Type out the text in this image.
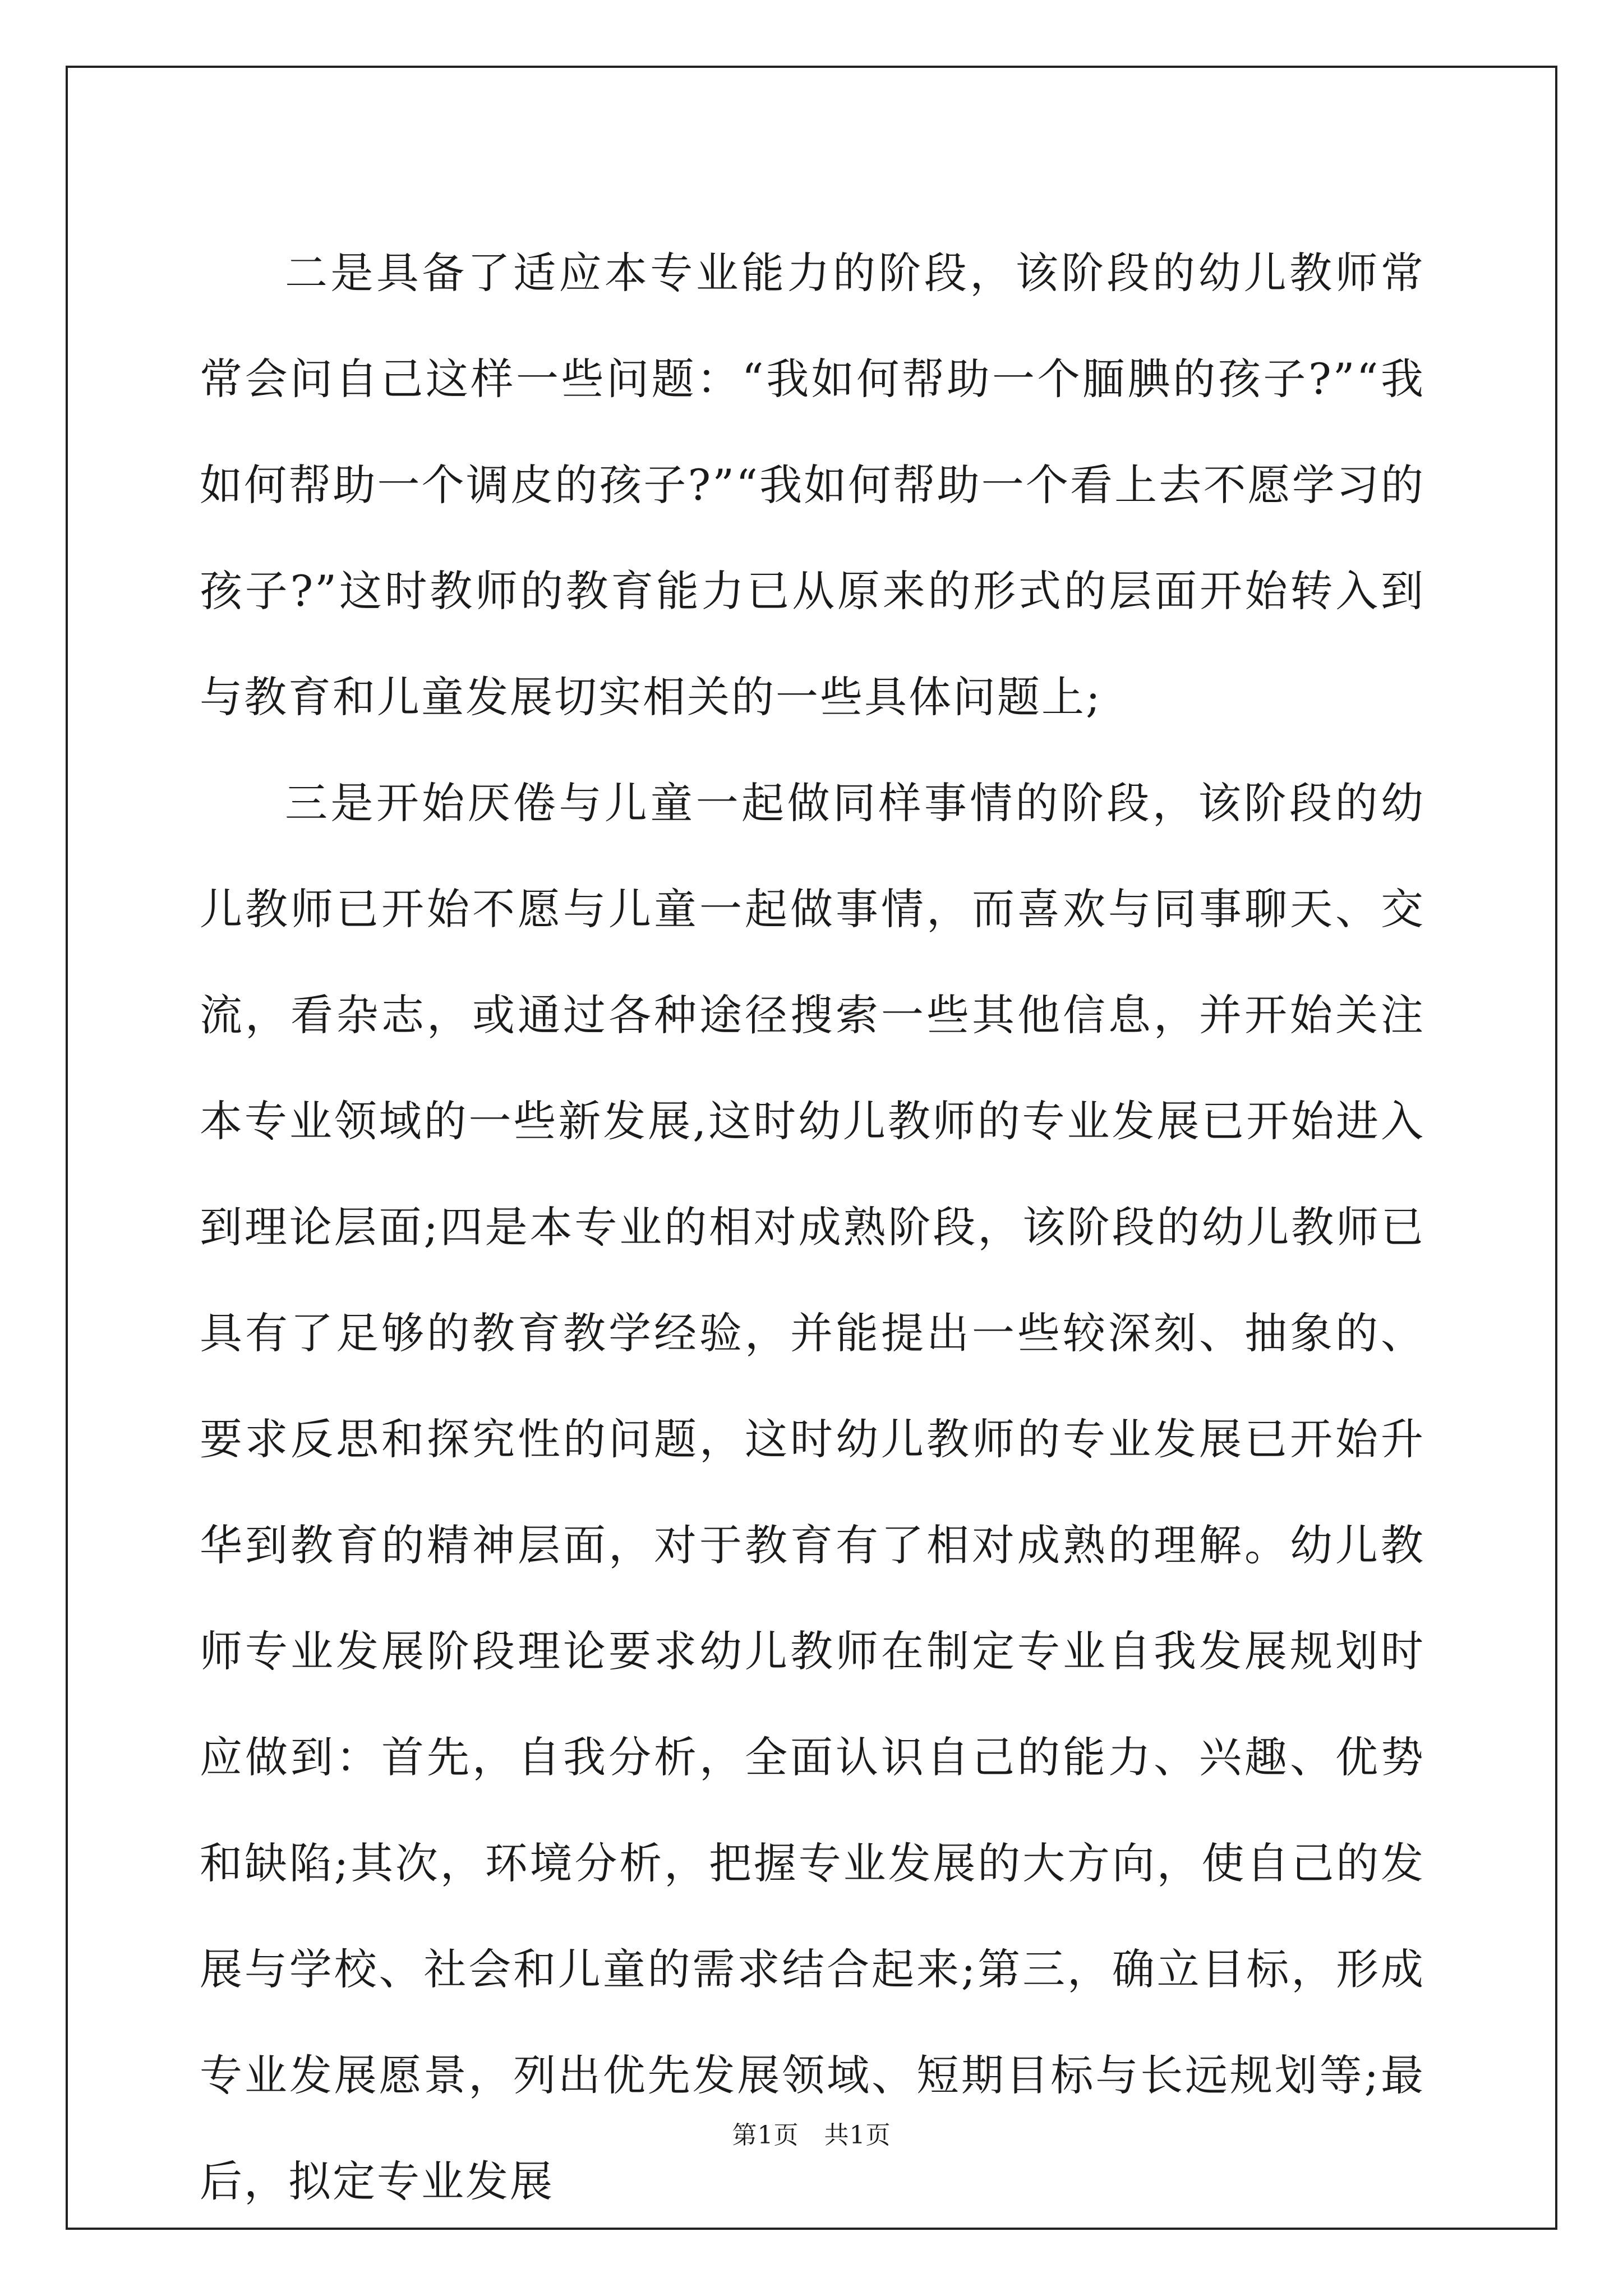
二是具备了适应本专业能力的阶段，该阶段的幼儿教师常常会问自己这样一些问题：“我如何帮助一个腼腆的孩子?”“我如何帮助一个调皮的孩子?”“我如何帮助一个看上去不愿学习的孩子?”这时教师的教育能力已从原来的形式的层面开始转入到与教育和儿童发展切实相关的一些具体问题上;

三是开始厌倦与儿童一起做同样事情的阶段，该阶段的幼儿教师已开始不愿与儿童一起做事情，而喜欢与同事聊天、交流，看杂志，或通过各种途径搜索一些其他信息，并开始关注本专业领域的一些新发展,这时幼儿教师的专业发展已开始进入到理论层面;四是本专业的相对成熟阶段，该阶段的幼儿教师已具有了足够的教育教学经验，并能提出一些较深刻、抽象的、要求反思和探究性的问题，这时幼儿教师的专业发展已开始升华到教育的精神层面，对于教育有了相对成熟的理解。幼儿教师专业发展阶段理论要求幼儿教师在制定专业自我发展规划时应做到：首先，自我分析，全面认识自己的能力、兴趣、优势和缺陷;其次，环境分析，把握专业发展的大方向，使自己的发展与学校、社会和儿童的需求结合起来;第三，确立目标，形成专业发展愿景，列出优先发展领域、短期目标与长远规划等;最后，拟定专业发展

第1页　共1页
